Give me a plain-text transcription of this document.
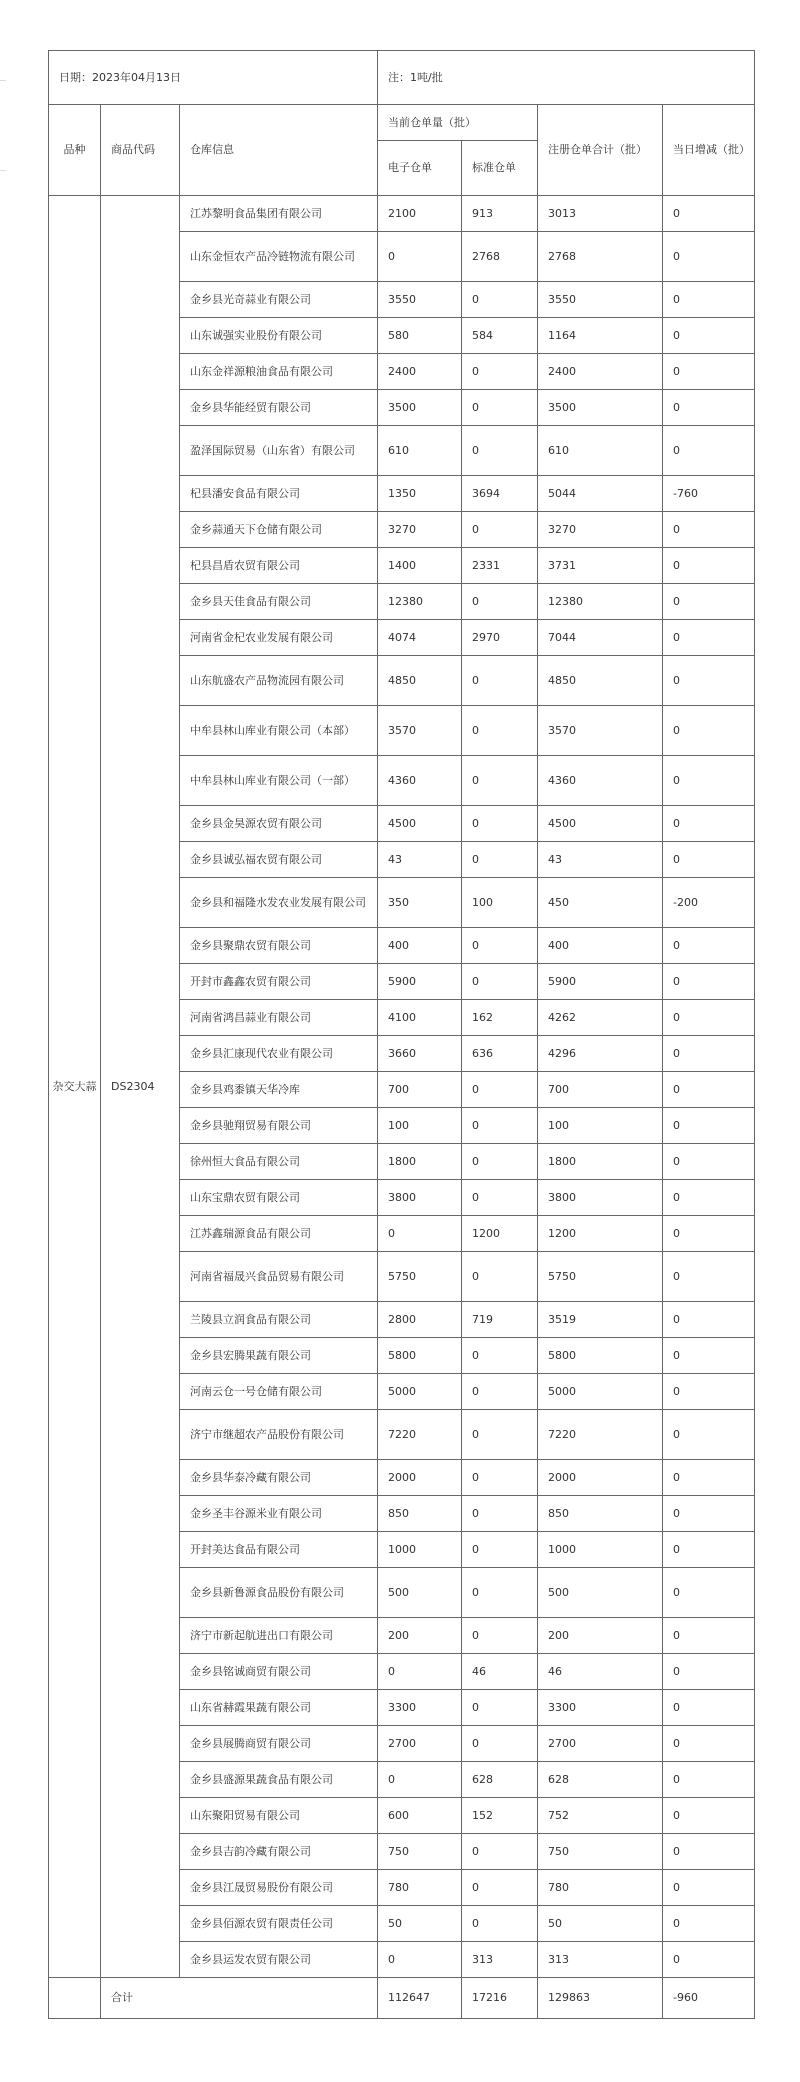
日期：2023年04月13日			注：1吨/批			
品种	商品代码	仓库信息	当前仓单量（批）		注册仓单合计（批）	当日增减（批）
			电子仓单	标准仓单		
杂交大蒜	DS2304	江苏黎明食品集团有限公司	2100	913	3013	0
		山东金恒农产品冷链物流有限公司	0	2768	2768	0
		金乡县光奇蒜业有限公司	3550	0	3550	0
		山东诚强实业股份有限公司	580	584	1164	0
		山东金祥源粮油食品有限公司	2400	0	2400	0
		金乡县华能经贸有限公司	3500	0	3500	0
		盈泽国际贸易（山东省）有限公司	610	0	610	0
		杞县潘安食品有限公司	1350	3694	5044	-760
		金乡蒜通天下仓储有限公司	3270	0	3270	0
		杞县昌盾农贸有限公司	1400	2331	3731	0
		金乡县天佳食品有限公司	12380	0	12380	0
		河南省金杞农业发展有限公司	4074	2970	7044	0
		山东航盛农产品物流园有限公司	4850	0	4850	0
		中牟县林山库业有限公司（本部）	3570	0	3570	0
		中牟县林山库业有限公司（一部）	4360	0	4360	0
		金乡县金昊源农贸有限公司	4500	0	4500	0
		金乡县诚弘福农贸有限公司	43	0	43	0
		金乡县和福隆水发农业发展有限公司	350	100	450	-200
		金乡县聚鼎农贸有限公司	400	0	400	0
		开封市鑫鑫农贸有限公司	5900	0	5900	0
		河南省鸿昌蒜业有限公司	4100	162	4262	0
		金乡县汇康现代农业有限公司	3660	636	4296	0
		金乡县鸡黍镇天华冷库	700	0	700	0
		金乡县驰翔贸易有限公司	100	0	100	0
		徐州恒大食品有限公司	1800	0	1800	0
		山东宝鼎农贸有限公司	3800	0	3800	0
		江苏鑫瑞源食品有限公司	0	1200	1200	0
		河南省福晟兴食品贸易有限公司	5750	0	5750	0
		兰陵县立润食品有限公司	2800	719	3519	0
		金乡县宏腾果蔬有限公司	5800	0	5800	0
		河南云仓一号仓储有限公司	5000	0	5000	0
		济宁市继超农产品股份有限公司	7220	0	7220	0
		金乡县华泰冷藏有限公司	2000	0	2000	0
		金乡圣丰谷源米业有限公司	850	0	850	0
		开封美达食品有限公司	1000	0	1000	0
		金乡县新鲁源食品股份有限公司	500	0	500	0
		济宁市新起航进出口有限公司	200	0	200	0
		金乡县铭诚商贸有限公司	0	46	46	0
		山东省赫霞果蔬有限公司	3300	0	3300	0
		金乡县展腾商贸有限公司	2700	0	2700	0
		金乡县盛源果蔬食品有限公司	0	628	628	0
		山东聚阳贸易有限公司	600	152	752	0
		金乡县吉韵冷藏有限公司	750	0	750	0
		金乡县江晟贸易股份有限公司	780	0	780	0
		金乡县佰源农贸有限责任公司	50	0	50	0
		金乡县运发农贸有限公司	0	313	313	0
	合计		112647	17216	129863	-960
